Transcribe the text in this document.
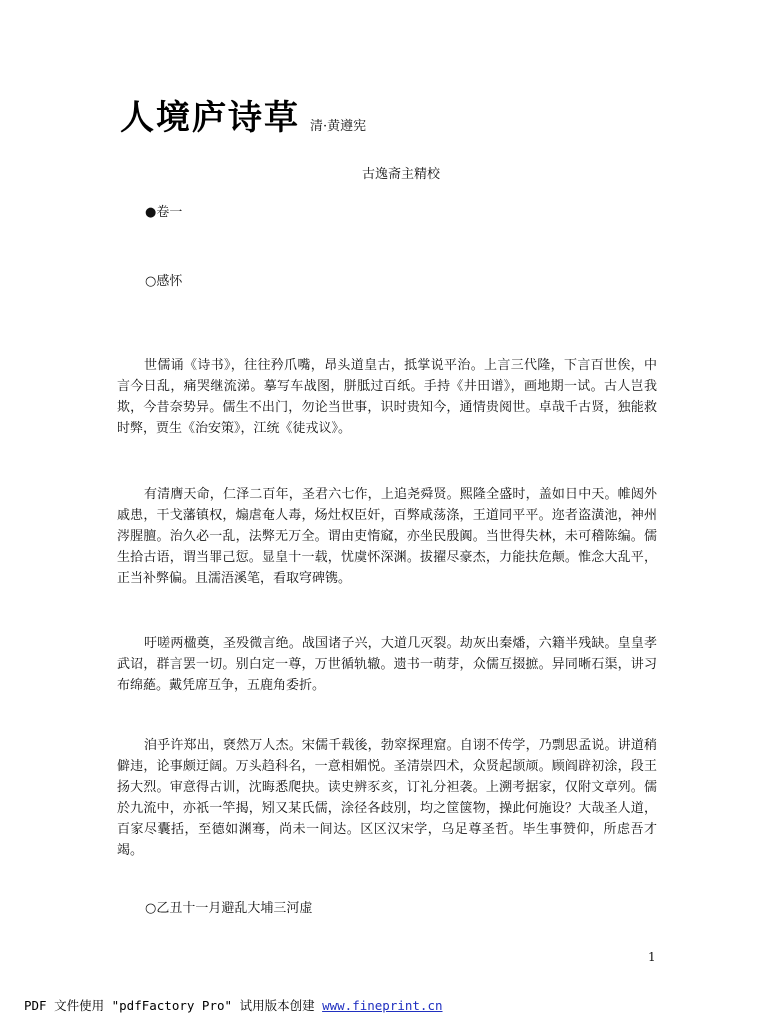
人境庐诗草 清·黄遵宪
古逸斋主精校
●卷一
○感怀

世儒诵《诗书》，往往矜爪嘴，昂头道皇古，抵掌说平治。上言三代隆，下言百世俟，中言今日乱，痛哭继流涕。摹写车战图，胼胝过百纸。手持《井田谱》，画地期一试。古人岂我欺，今昔奈势异。儒生不出门，勿论当世事，识时贵知今，通情贵阅世。卓哉千古贤，独能救时弊，贾生《治安策》，江统《徒戎议》。

有清膺天命，仁泽二百年，圣君六七作，上追尧舜贤。熙隆全盛时，盖如日中天。帷闼外戚患，干戈藩镇权，煽虐奄人毒，炀灶权臣奸，百弊咸荡涤，王道同平平。迩者盗潢池，神州涔腥膻。治久必一乱，法弊无万全。谓由吏惰窳，亦坐民殷阗。当世得失林，未可稽陈编。儒生拾古语，谓当罪己愆。显皇十一载，忧虞怀深渊。拔擢尽豪杰，力能扶危颠。惟念大乱平，正当补弊偏。且濡浯溪笔，看取穹碑镌。

吁嗟两楹奠，圣殁微言绝。战国诸子兴，大道几灭裂。劫灰出秦燔，六籍半残缺。皇皇孝武诏，群言罢一切。别白定一尊，万世循轨辙。遗书一萌芽，众儒互掇摭。异同晰石渠，讲习布绵蕝。戴凭席互争，五鹿角委折。

洎乎许郑出，褎然万人杰。宋儒千载後，勃窣探理窟。自诩不传学，乃剽思孟说。讲道稍僻违，论事颇迂阔。万头趋科名，一意相媚悦。圣清崇四术，众贤起颉颃。顾阎辟初涂，段王扬大烈。审意得古训，沈晦悉爬抉。读史辨豕亥，订礼分袒袭。上溯考据家，仅附文章列。儒於九流中，亦祇一竿揭，矧又某氏儒，涂径各歧別，均之筐箧物，操此何施设？大哉圣人道，百家尽囊括，至德如渊骞，尚未一间达。区区汉宋学，乌足尊圣哲。毕生事赞仰，所虑吾才竭。

○乙丑十一月避乱大埔三河虚
1
PDF 文件使用 "pdfFactory Pro" 试用版本创建 www.fineprint.cn
